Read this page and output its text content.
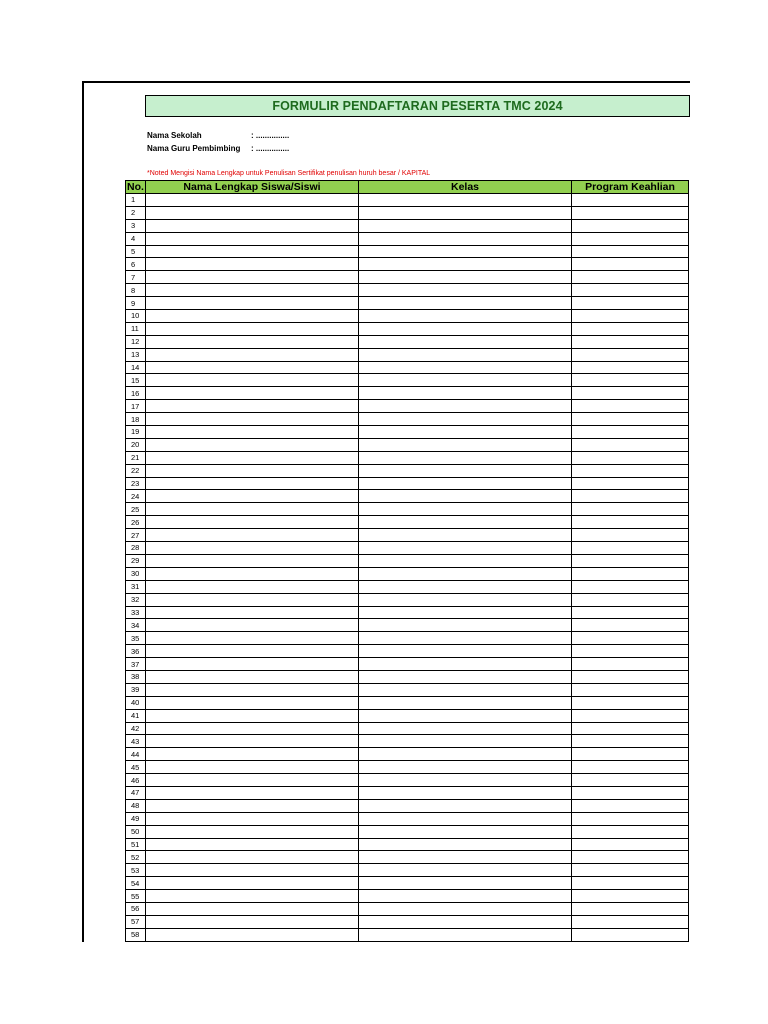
FORMULIR PENDAFTARAN PESERTA TMC 2024
Nama Sekolah	: ...............
Nama Guru Pembimbing : ...............
*Noted Mengisi Nama Lengkap untuk Penulisan Sertifikat penulisan huruh besar / KAPITAL
No.	Nama Lengkap Siswa/Siswi	Kelas	Program Keahlian
1			
2			
3			
4			
5			
6			
7			
8			
9			
10			
11			
12			
13			
14			
15			
16			
17			
18			
19			
20			
21			
22			
23			
24			
25			
26			
27			
28			
29			
30			
31			
32			
33			
34			
35			
36			
37			
38			
39			
40			
41			
42			
43			
44			
45			
46			
47			
48			
49			
50			
51			
52			
53			
54			
55			
56			
57			
58			
